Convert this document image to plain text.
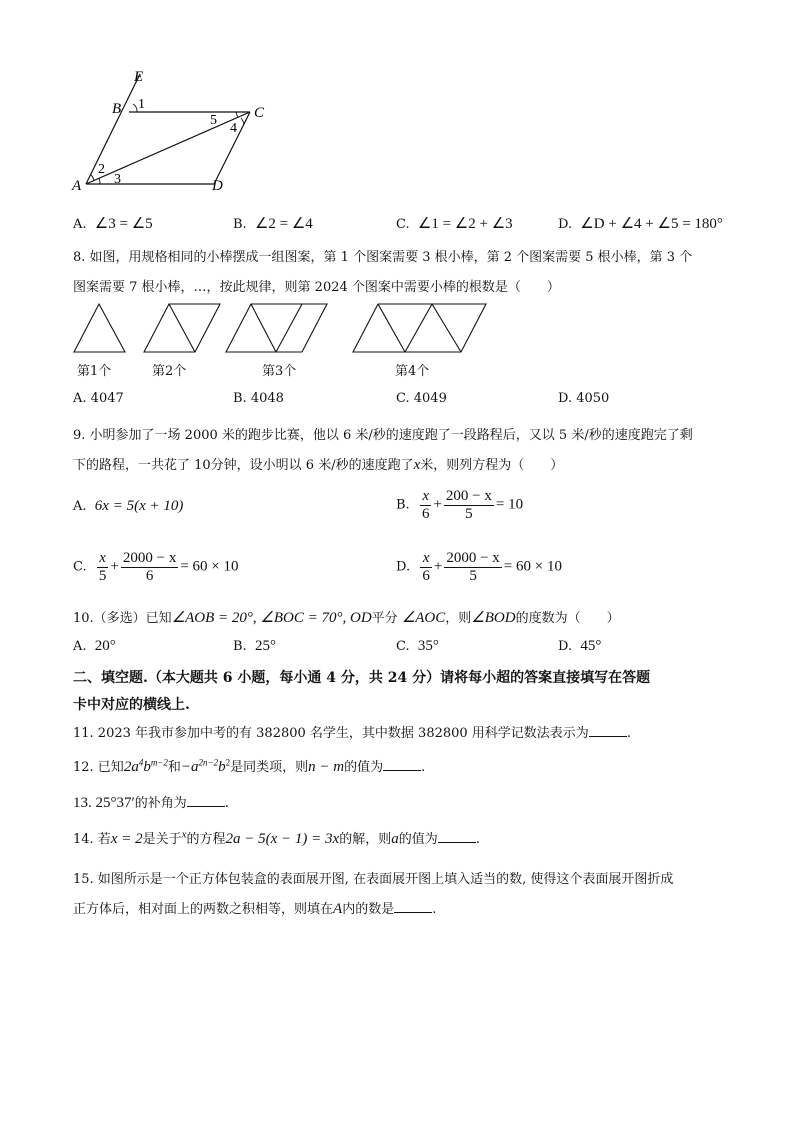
E
B 1
C
5
4
2
3
A	D
A. ∠3 = ∠5	B. ∠2 = ∠4	C. ∠1 = ∠2 + ∠3	D. ∠D + ∠4 + ∠5 = 180°
8. 如图，用规格相同的小棒摆成一组图案，第 1 个图案需要 3 根小棒，第 2 个图案需要 5 根小棒，第 3 个
图案需要 7 根小棒，…，按此规律，则第 2024 个图案中需要小棒的根数是（　　）
第1个	第2个	第3个	第4个
A. 4047	B. 4048	C. 4049	D. 4050
9. 小明参加了一场 2000 米的跑步比赛，他以 6 米/秒的速度跑了一段路程后，又以 5 米/秒的速度跑完了剩
下的路程，一共花了 10分钟，设小明以 6 米/秒的速度跑了x米，则列方程为（　　）
A. 6x = 5(x + 10)	B. $\frac{x}{6} + \frac{200 - x}{5} = 10$
C. $\frac{x}{5} + \frac{2000 - x}{6} = 60 \times 10$	D. $\frac{x}{6} + \frac{2000 - x}{5} = 60 \times 10$
10.（多选）已知∠AOB = 20°, ∠BOC = 70°, OD平分 ∠AOC，则∠BOD的度数为（　　）
A. 20°	B. 25°	C. 35°	D. 45°
二、填空题.（本大题共 6 小题，每小通 4 分，共 24 分）请将每小超的答案直接填写在答题
卡中对应的横线上.
11. 2023 年我市参加中考的有 382800 名学生，其中数据 382800 用科学记数法表示为	.
12. 已知$2a^4b^{m-2}$和$-a^{2n-2}b^2$是同类项，则n − m的值为	.
13. 25°37′的补角为	.
14. 若x = 2是关于$^x$的方程2a − 5(x − 1) = 3x的解，则a的值为	.
15. 如图所示是一个正方体包装盒的表面展开图, 在表面展开图上填入适当的数, 使得这个表面展开图折成
正方体后，相对面上的两数之积相等，则填在A内的数是	.
